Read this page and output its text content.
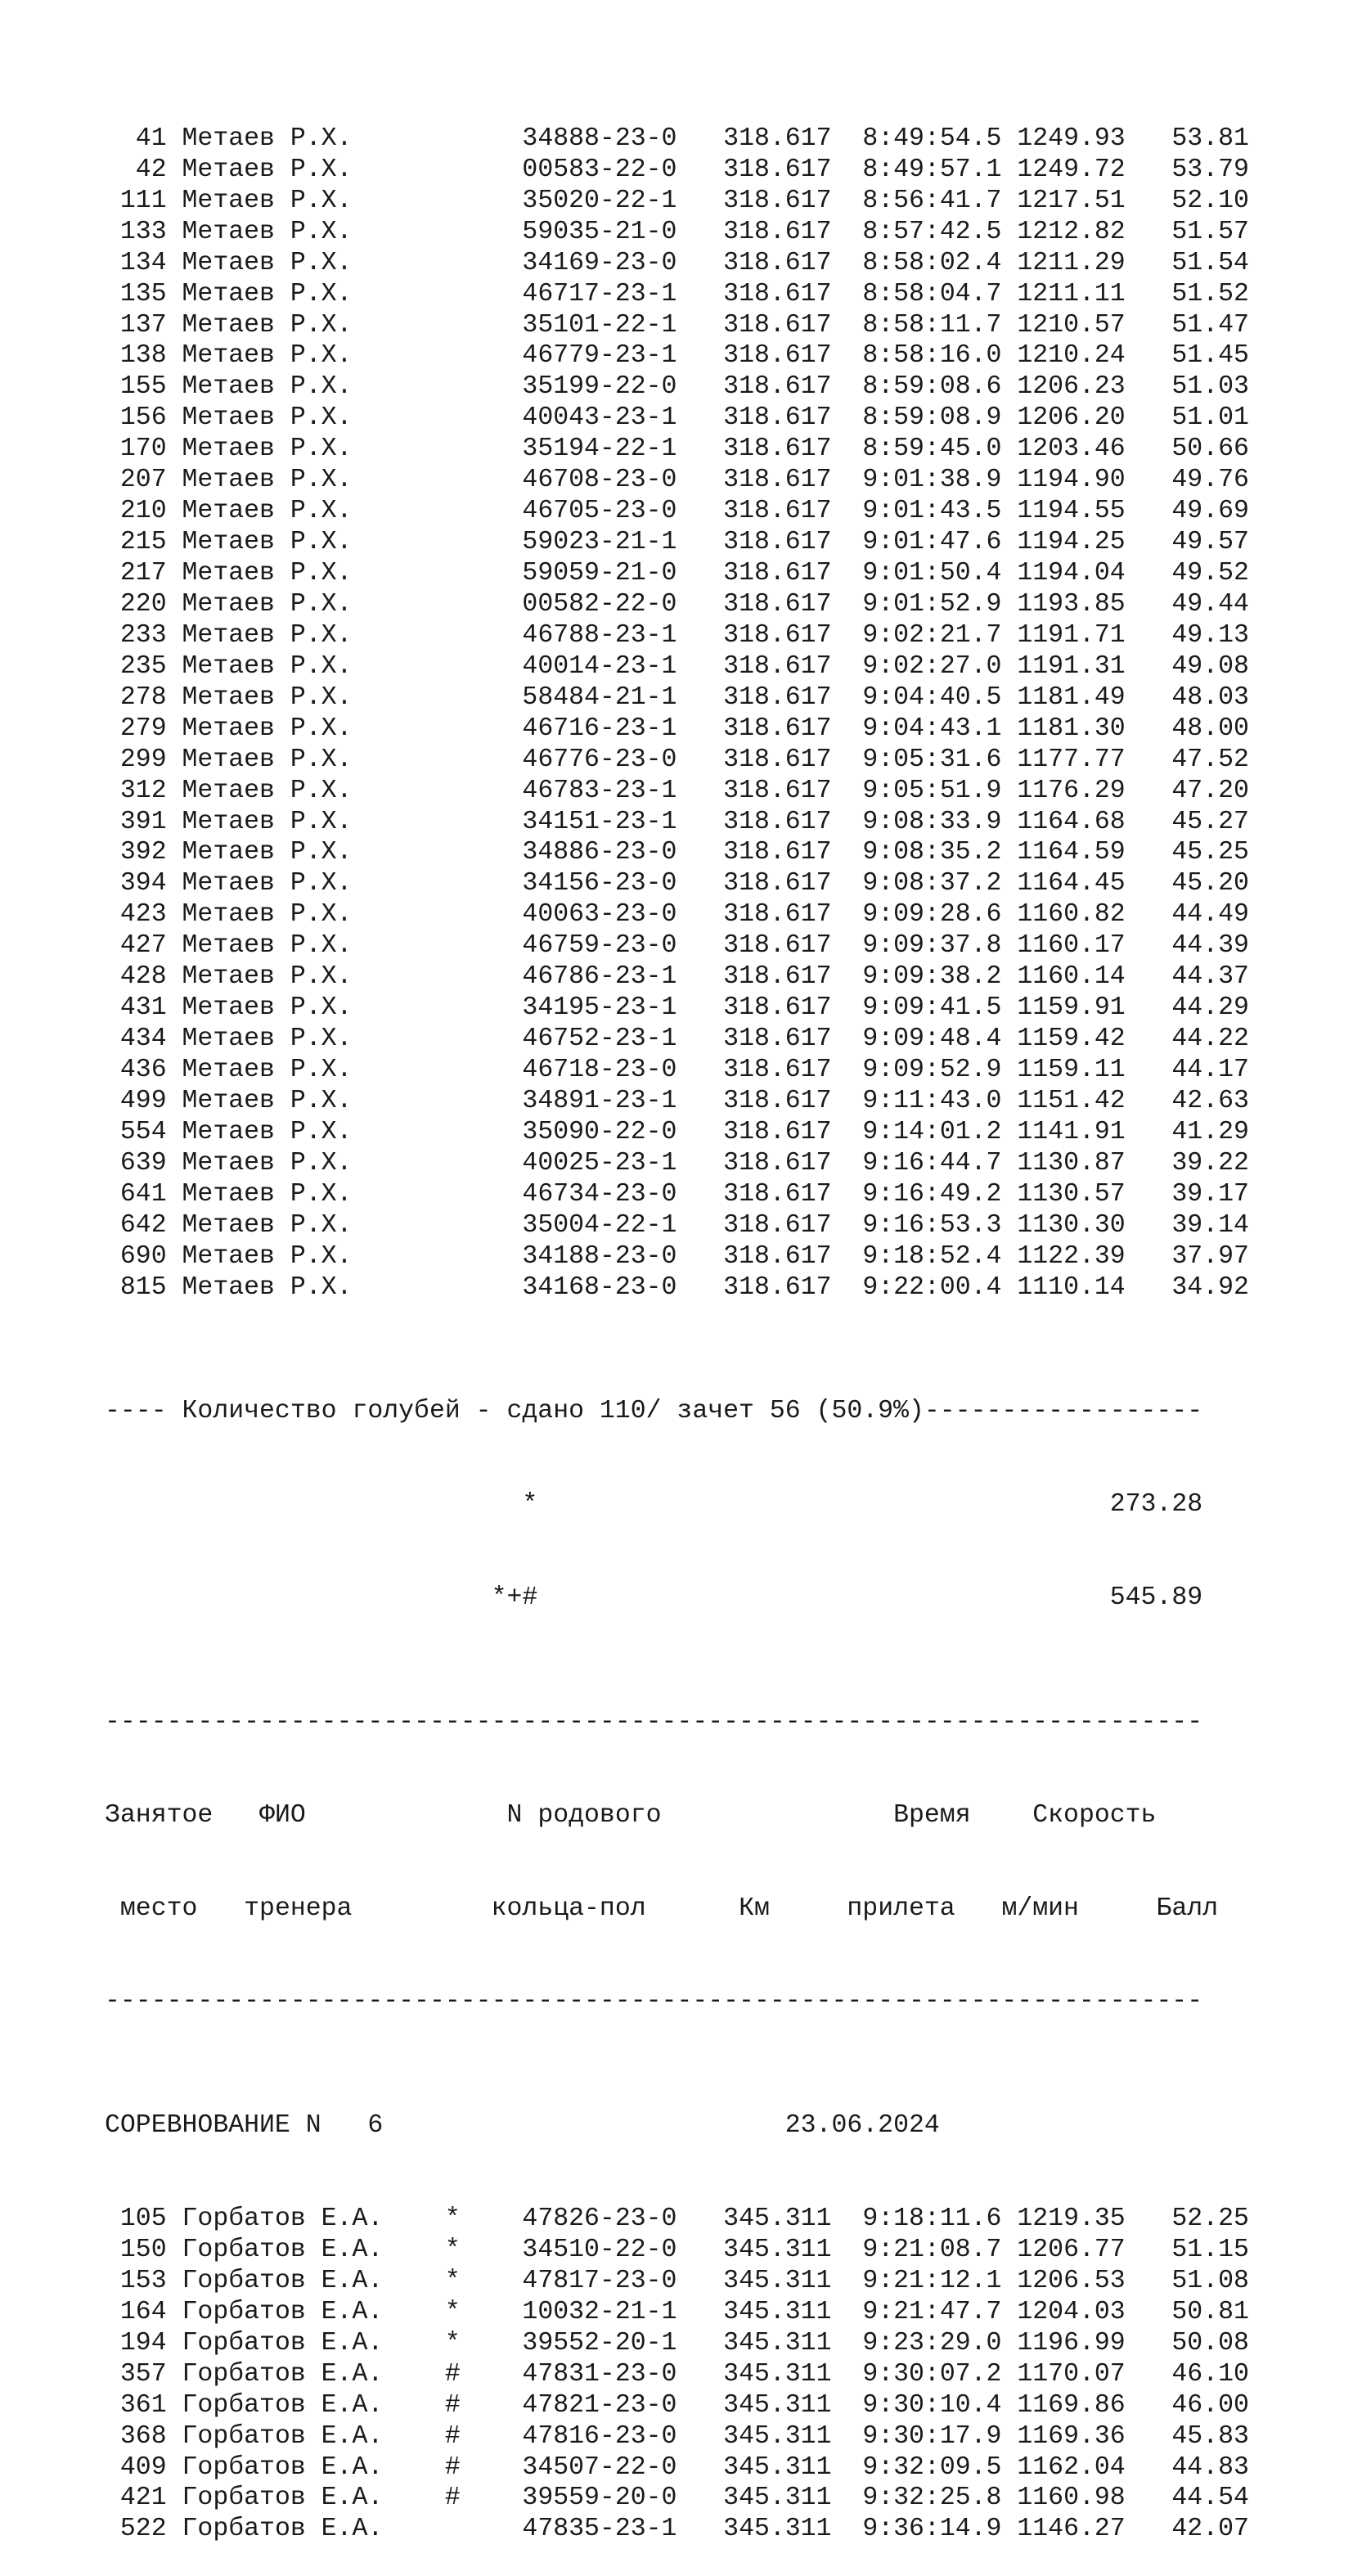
41 Метаев Р.Х.	34888-23-0 318.617 8:49:54.5 1249.93   53.81
42 Метаев Р.Х.	00583-22-0 318.617 8:49:57.1 1249.72   53.79
111 Метаев Р.Х.	35020-22-1 318.617 8:56:41.7 1217.51   52.10
133 Метаев Р.Х.	59035-21-0 318.617 8:57:42.5 1212.82   51.57
134 Метаев Р.Х.	34169-23-0 318.617 8:58:02.4 1211.29   51.54
135 Метаев Р.Х.	46717-23-1 318.617 8:58:04.7 1211.11   51.52
137 Метаев Р.Х.	35101-22-1 318.617 8:58:11.7 1210.57   51.47
138 Метаев Р.Х.	46779-23-1 318.617 8:58:16.0 1210.24   51.45
155 Метаев Р.Х.	35199-22-0 318.617 8:59:08.6 1206.23   51.03
156 Метаев Р.Х.	40043-23-1 318.617 8:59:08.9 1206.20   51.01
170 Метаев Р.Х.	35194-22-1 318.617 8:59:45.0 1203.46   50.66
207 Метаев Р.Х.	46708-23-0 318.617 9:01:38.9 1194.90   49.76
210 Метаев Р.Х.	46705-23-0 318.617 9:01:43.5 1194.55   49.69
215 Метаев Р.Х.	59023-21-1 318.617 9:01:47.6 1194.25   49.57
217 Метаев Р.Х.	59059-21-0 318.617 9:01:50.4 1194.04   49.52
220 Метаев Р.Х.	00582-22-0 318.617 9:01:52.9 1193.85   49.44
233 Метаев Р.Х.	46788-23-1 318.617 9:02:21.7 1191.71   49.13
235 Метаев Р.Х.	40014-23-1 318.617 9:02:27.0 1191.31   49.08
278 Метаев Р.Х.	58484-21-1 318.617 9:04:40.5 1181.49   48.03
279 Метаев Р.Х.	46716-23-1 318.617 9:04:43.1 1181.30   48.00
299 Метаев Р.Х.	46776-23-0 318.617 9:05:31.6 1177.77   47.52
312 Метаев Р.Х.	46783-23-1 318.617 9:05:51.9 1176.29   47.20
391 Метаев Р.Х.	34151-23-1 318.617 9:08:33.9 1164.68   45.27
392 Метаев Р.Х.	34886-23-0 318.617 9:08:35.2 1164.59   45.25
394 Метаев Р.Х.	34156-23-0 318.617 9:08:37.2 1164.45   45.20
423 Метаев Р.Х.	40063-23-0 318.617 9:09:28.6 1160.82   44.49
427 Метаев Р.Х.	46759-23-0 318.617 9:09:37.8 1160.17   44.39
428 Метаев Р.Х.	46786-23-1 318.617 9:09:38.2 1160.14   44.37
431 Метаев Р.Х.	34195-23-1 318.617 9:09:41.5 1159.91   44.29
434 Метаев Р.Х.	46752-23-1 318.617 9:09:48.4 1159.42   44.22
436 Метаев Р.Х.	46718-23-0 318.617 9:09:52.9 1159.11   44.17
499 Метаев Р.Х.	34891-23-1 318.617 9:11:43.0 1151.42   42.63
554 Метаев Р.Х.	35090-22-0 318.617 9:14:01.2 1141.91   41.29
639 Метаев Р.Х.	40025-23-1 318.617 9:16:44.7 1130.87   39.22
641 Метаев Р.Х.	46734-23-0 318.617 9:16:49.2 1130.57   39.17
642 Метаев Р.Х.	35004-22-1 318.617 9:16:53.3 1130.30   39.14
690 Метаев Р.Х.	34188-23-0 318.617 9:18:52.4 1122.39   37.97
815 Метаев Р.Х.	34168-23-0 318.617 9:22:00.4 1110.14   34.92

---- Количество голубей - сдано 110/ зачет 56 (50.9%)------------------

*	273.28

*+#	545.89

-----------------------------------------------------------------------

Занятое ФИО	N родового	Время Скорость

место тренера	кольца-пол	Км	прилета м/мин	Балл

-----------------------------------------------------------------------

СОРЕВНОВАНИЕ N   6	23.06.2024

105 Горбатов Е.А.    * 47826-23-0 345.311 9:18:11.6 1219.35   52.25
150 Горбатов Е.А.    * 34510-22-0 345.311 9:21:08.7 1206.77   51.15
153 Горбатов Е.А.    * 47817-23-0 345.311 9:21:12.1 1206.53   51.08
164 Горбатов Е.А.    * 10032-21-1 345.311 9:21:47.7 1204.03   50.81
194 Горбатов Е.А.    * 39552-20-1 345.311 9:23:29.0 1196.99   50.08
357 Горбатов Е.А.    # 47831-23-0 345.311 9:30:07.2 1170.07   46.10
361 Горбатов Е.А.    # 47821-23-0 345.311 9:30:10.4 1169.86   46.00
368 Горбатов Е.А.    # 47816-23-0 345.311 9:30:17.9 1169.36   45.83
409 Горбатов Е.А.    # 34507-22-0 345.311 9:32:09.5 1162.04   44.83
421 Горбатов Е.А.    # 39559-20-0 345.311 9:32:25.8 1160.98   44.54
522 Горбатов Е.А.	47835-23-1 345.311 9:36:14.9 1146.27   42.07
